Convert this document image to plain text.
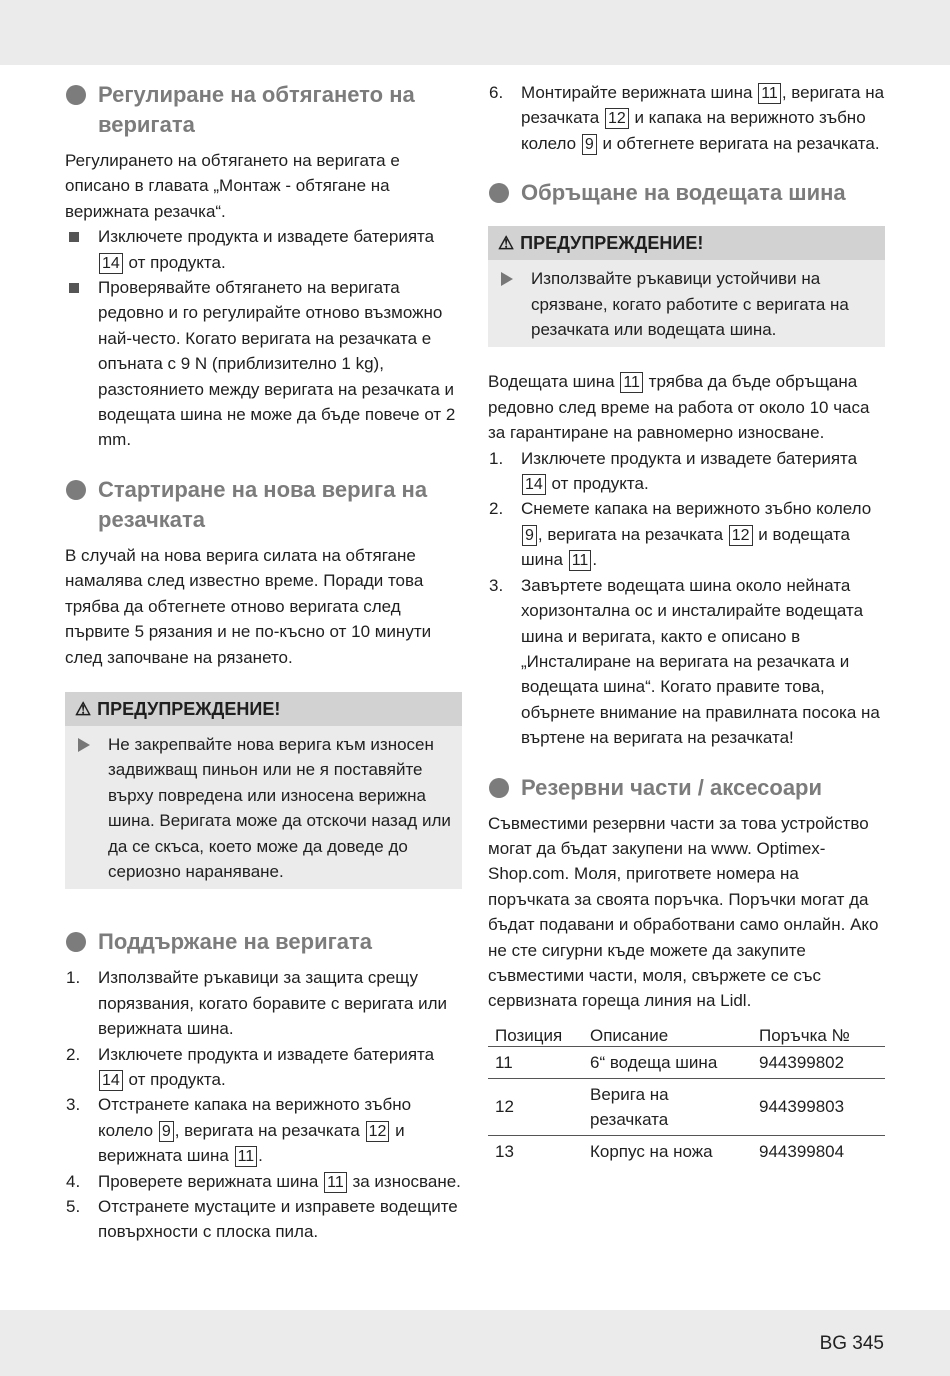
Регулиране на обтягането на веригата

Регулирането на обтягането на веригата е описано в главата „Монтаж - обтягане на верижната резачка“.

Изключете продукта и извадете батерията
14 от продукта.
Проверявайте обтягането на веригата редовно и го регулирайте отново възможно най-често. Когато веригата на резачката е опъната с 9 N (приблизително 1 kg), разстоянието между веригата на резачката и водещата шина не може да бъде повече от 2 mm.
Стартиране на нова верига на резачката

В случай на нова верига силата на обтягане намалява след известно време. Поради това трябва да обтегнете отново веригата след първите 5 рязания и не по-късно от 10 минути след започване на рязането.

⚠ ПРЕДУПРЕЖДЕНИЕ!
Не закрепвайте нова верига към износен задвижващ пиньон или не я поставяйте върху повредена или износена верижна шина. Веригата може да отскочи назад или да се скъса, което може да доведе до сериозно нараняване.
Поддържане на веригата
1. Използвайте ръкавици за защита срещу порязвания, когато боравите с веригата или верижната шина.
2. Изключете продукта и извадете батерията
14 от продукта.
3. Отстранете капака на верижното зъбно колело 9 , веригата на резачката 12 и верижната шина 11 .
4. Проверете верижната шина 11 за износване.
5. Отстранете мустаците и изправете водещите повърхности с плоска пила.
6. Монтирайте верижната шина 11 , веригата на резачката 12 и капака на верижното зъбно колело 9 и обтегнете веригата на резачката.
Обръщане на водещата шина
⚠ ПРЕДУПРЕЖДЕНИЕ!
Използвайте ръкавици устойчиви на срязване, когато работите с веригата на резачката или водещата шина.

Водещата шина 11 трябва да бъде обръщана редовно след време на работа от около 10 часа за гарантиране на равномерно износване.

1. Изключете продукта и извадете батерията 14 от продукта.
2. Снемете капака на верижното зъбно колело 9 , веригата на резачката 12 и водещата шина 11 .
3. Завъртете водещата шина около нейната хоризонтална ос и инсталирайте водещата шина и веригата, както е описано в „Инсталиране на веригата на резачката и водещата шина“. Когато правите това, обърнете внимание на правилната посока на въртене на веригата на резачката!
Резервни части / аксесоари

Съвместими резервни части за това устройство могат да бъдат закупени на www. Optimex-Shop.com. Моля, пригответе номера на поръчката за своята поръчка. Поръчки могат да бъдат подавани и обработвани само онлайн. Ако не сте сигурни къде можете да закупите съвместими части, моля, свържете се със сервизната гореща линия на Lidl.

Позиция	Описание	Поръчка №
11	6“ водеща шина	944399802
12	Верига на резачката	944399803
13	Корпус на ножа	944399804
BG 345
